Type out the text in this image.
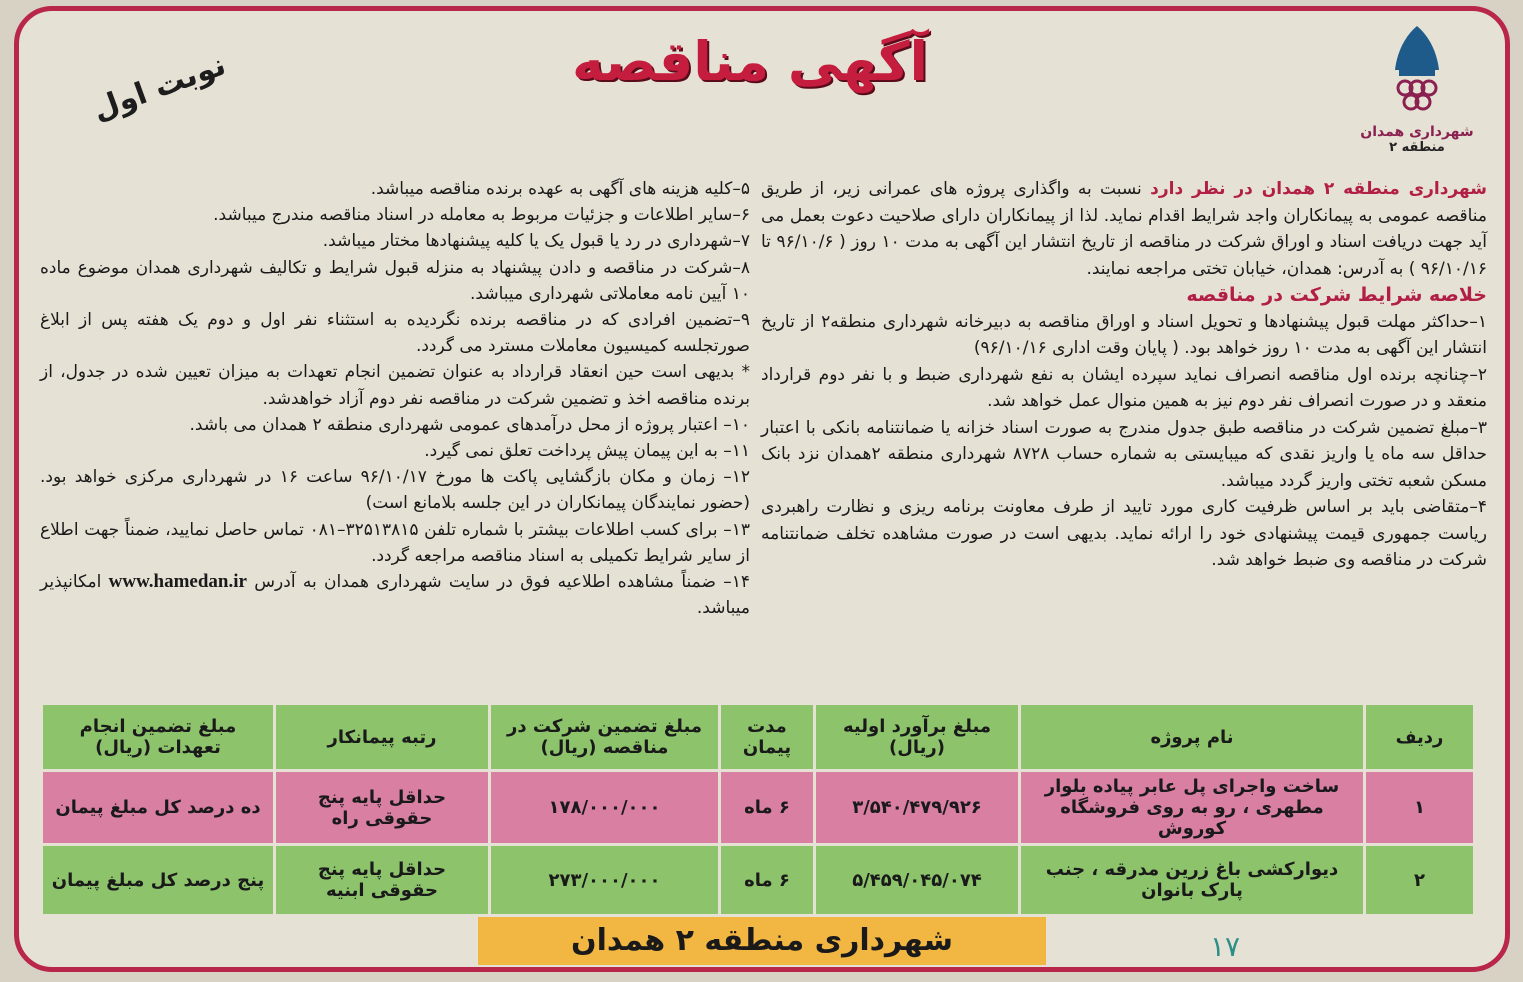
شهرداری همدان
منطقه ۲
آگهی مناقصه
نوبت اول

شهرداری منطقه ۲ همدان در نظر دارد نسبت به واگذاری پروژه های عمرانی زیر، از طریق مناقصه عمومی به پیمانکاران واجد شرایط اقدام نماید. لذا از پیمانکاران دارای صلاحیت دعوت بعمل می آید جهت دریافت اسناد و اوراق شرکت در مناقصه از تاریخ انتشار این آگهی به مدت ۱۰ روز ( ۹۶/۱۰/۶ تا ۹۶/۱۰/۱۶ ) به آدرس: همدان، خیابان تختی مراجعه نمایند.

خلاصه شرایط شرکت در مناقصه

۱–حداکثر مهلت قبول پیشنهادها و تحویل اسناد و اوراق مناقصه به دبیرخانه شهرداری منطقه۲ از تاریخ انتشار این آگهی به مدت ۱۰ روز خواهد بود. ( پایان وقت اداری ۹۶/۱۰/۱۶)

۲–چنانچه برنده اول مناقصه انصراف نماید سپرده ایشان به نفع شهرداری ضبط و با نفر دوم قرارداد منعقد و در صورت انصراف نفر دوم نیز به همین منوال عمل خواهد شد.

۳–مبلغ تضمین شرکت در مناقصه طبق جدول مندرج به صورت اسناد خزانه یا ضمانتنامه بانکی با اعتبار حداقل سه ماه یا واریز نقدی که میبایستی به شماره حساب ۸۷۲۸ شهرداری منطقه ۲همدان نزد بانک مسکن شعبه تختی واریز گردد میباشد.

۴–متقاضی باید بر اساس ظرفیت کاری مورد تایید از طرف معاونت برنامه ریزی و نظارت راهبردی ریاست جمهوری قیمت پیشنهادی خود را ارائه نماید. بدیهی است در صورت مشاهده تخلف ضمانتنامه شرکت در مناقصه وی ضبط خواهد شد.

۵–کلیه هزینه های آگهی به عهده برنده مناقصه میباشد.

۶–سایر اطلاعات و جزئیات مربوط به معامله در اسناد مناقصه مندرج میباشد.

۷–شهرداری در رد یا قبول یک یا کلیه پیشنهادها مختار میباشد.

۸–شرکت در مناقصه و دادن پیشنهاد به منزله قبول شرایط و تکالیف شهرداری همدان موضوع ماده ۱۰ آیین نامه معاملاتی شهرداری میباشد.

۹–تضمین افرادی که در مناقصه برنده نگردیده به استثناء نفر اول و دوم یک هفته پس از ابلاغ صورتجلسه کمیسیون معاملات مسترد می گردد.

* بدیهی است حین انعقاد قرارداد به عنوان تضمین انجام تعهدات به میزان تعیین شده در جدول، از برنده مناقصه اخذ و تضمین شرکت در مناقصه نفر دوم آزاد خواهدشد.

۱۰– اعتبار پروژه از محل درآمدهای عمومی شهرداری منطقه ۲ همدان می باشد.

۱۱– به این پیمان پیش پرداخت تعلق نمی گیرد.

۱۲– زمان و مکان بازگشایی پاکت ها مورخ ۹۶/۱۰/۱۷ ساعت ۱۶ در شهرداری مرکزی خواهد بود.(حضور نمایندگان پیمانکاران در این جلسه بلامانع است)

۱۳– برای کسب اطلاعات بیشتر با شماره تلفن ۳۲۵۱۳۸۱۵–۰۸۱ تماس حاصل نمایید، ضمناً جهت اطلاع از سایر شرایط تکمیلی به اسناد مناقصه مراجعه گردد.

۱۴– ضمناً مشاهده اطلاعیه فوق در سایت شهرداری همدان به آدرس www.hamedan.ir امکانپذیر میباشد.

ردیف	نام پروژه	مبلغ برآورد اولیه (ریال)	مدت پیمان	مبلغ تضمین شرکت در مناقصه (ریال)	رتبه پیمانکار	مبلغ تضمین انجام تعهدات (ریال)
۱	ساخت واجرای پل عابر پیاده بلوار مطهری ، رو به روی فروشگاه کوروش	۳/۵۴۰/۴۷۹/۹۲۶	۶ ماه	۱۷۸/۰۰۰/۰۰۰	حداقل پایه پنج حقوقی راه	ده درصد کل مبلغ پیمان
۲	دیوارکشی باغ زرین مدرقه ، جنب پارک بانوان	۵/۴۵۹/۰۴۵/۰۷۴	۶ ماه	۲۷۳/۰۰۰/۰۰۰	حداقل پایه پنج حقوقی ابنیه	پنج درصد کل مبلغ پیمان
شهرداری منطقه ۲ همدان	۱۷
